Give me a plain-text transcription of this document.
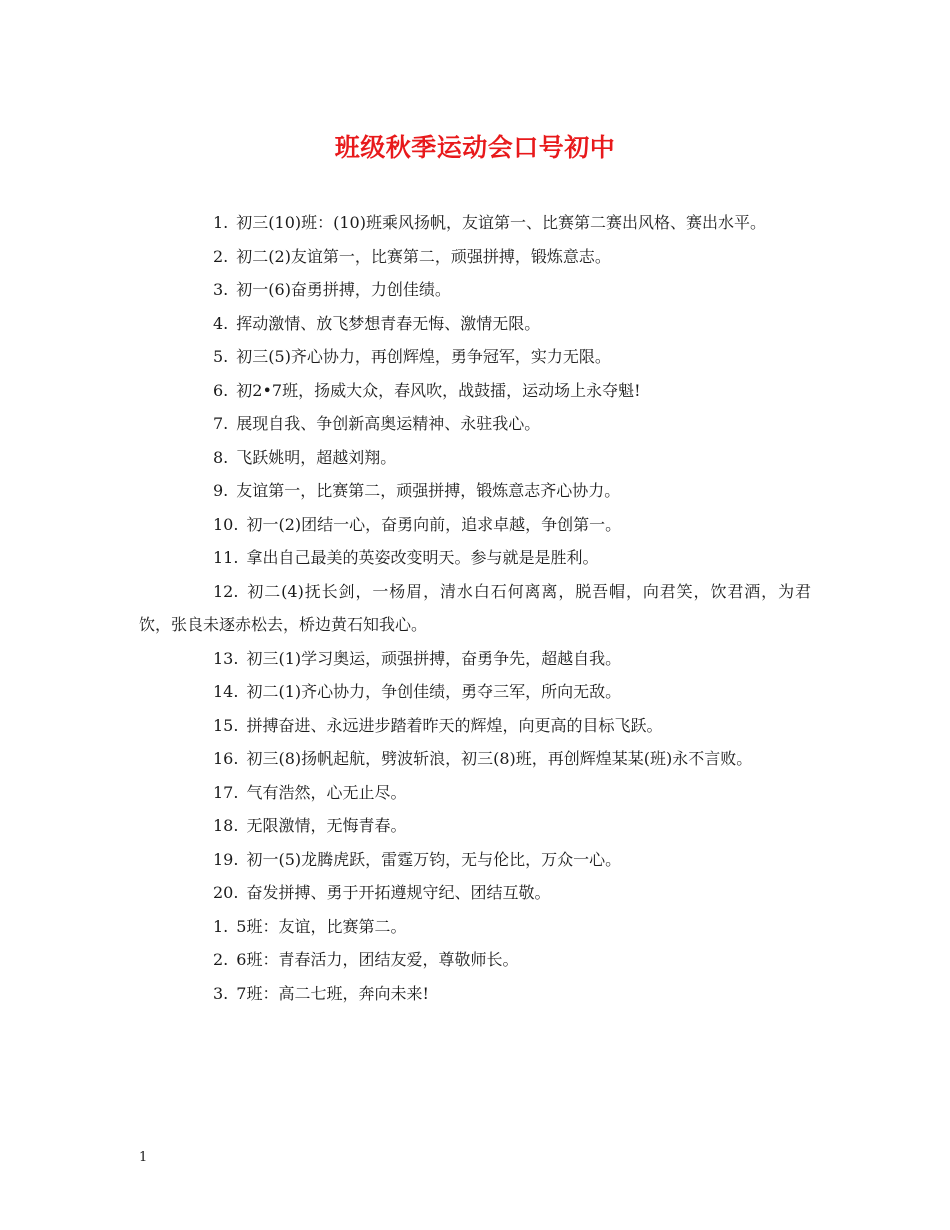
班级秋季运动会口号初中

1. 初三(10)班：(10)班乘风扬帆，友谊第一、比赛第二赛出风格、赛出水平。

2. 初二(2)友谊第一，比赛第二，顽强拼搏，锻炼意志。

3. 初一(6)奋勇拼搏，力创佳绩。

4. 挥动激情、放飞梦想青春无悔、激情无限。

5. 初三(5)齐心协力，再创辉煌，勇争冠军，实力无限。

6. 初2•7班，扬威大众，春风吹，战鼓擂，运动场上永夺魁!

7. 展现自我、争创新高奥运精神、永驻我心。

8. 飞跃姚明，超越刘翔。

9. 友谊第一，比赛第二，顽强拼搏，锻炼意志齐心协力。

10. 初一(2)团结一心，奋勇向前，追求卓越，争创第一。

11. 拿出自己最美的英姿改变明天。参与就是是胜利。

12. 初二(4)抚长剑，一杨眉，清水白石何离离，脱吾帽，向君笑，饮君酒，为君饮，张良未逐赤松去，桥边黄石知我心。

13. 初三(1)学习奥运，顽强拼搏，奋勇争先，超越自我。

14. 初二(1)齐心协力，争创佳绩，勇夺三军，所向无敌。

15. 拼搏奋进、永远进步踏着昨天的辉煌，向更高的目标飞跃。

16. 初三(8)扬帆起航，劈波斩浪，初三(8)班，再创辉煌某某(班)永不言败。

17. 气有浩然，心无止尽。

18. 无限激情，无悔青春。

19. 初一(5)龙腾虎跃，雷霆万钧，无与伦比，万众一心。

20. 奋发拼搏、勇于开拓遵规守纪、团结互敬。

1. 5班：友谊，比赛第二。

2. 6班：青春活力，团结友爱，尊敬师长。

3. 7班：高二七班，奔向未来!

1
